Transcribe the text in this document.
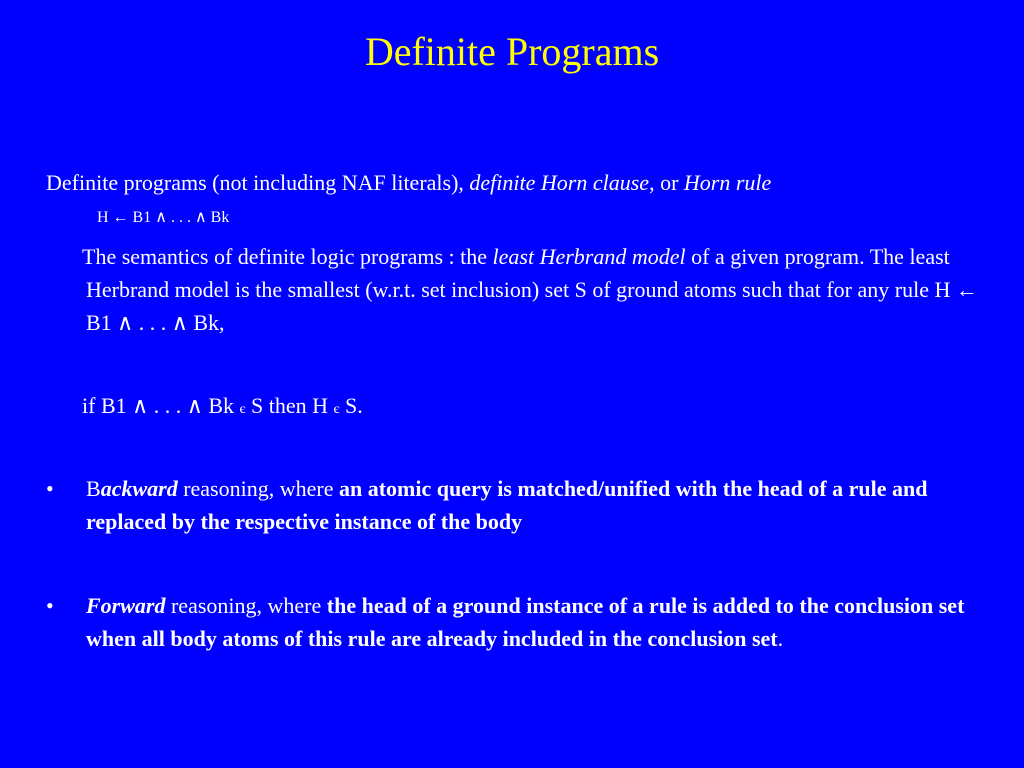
Definite Programs
Definite programs (not including NAF literals), definite Horn clause, or Horn rule
H ← B1 ∧ . . . ∧ Bk
The semantics of definite logic programs : the least Herbrand model of a given program. The least Herbrand model is the smallest (w.r.t. set inclusion) set S of ground atoms such that for any rule H ← B1 ∧ . . . ∧ Bk,
if B1 ∧ . . . ∧ Bk є S then H є S.
• Backward reasoning, where an atomic query is matched/unified with the head of a rule and replaced by the respective instance of the body
• Forward reasoning, where the head of a ground instance of a rule is added to the conclusion set when all body atoms of this rule are already included in the conclusion set.
